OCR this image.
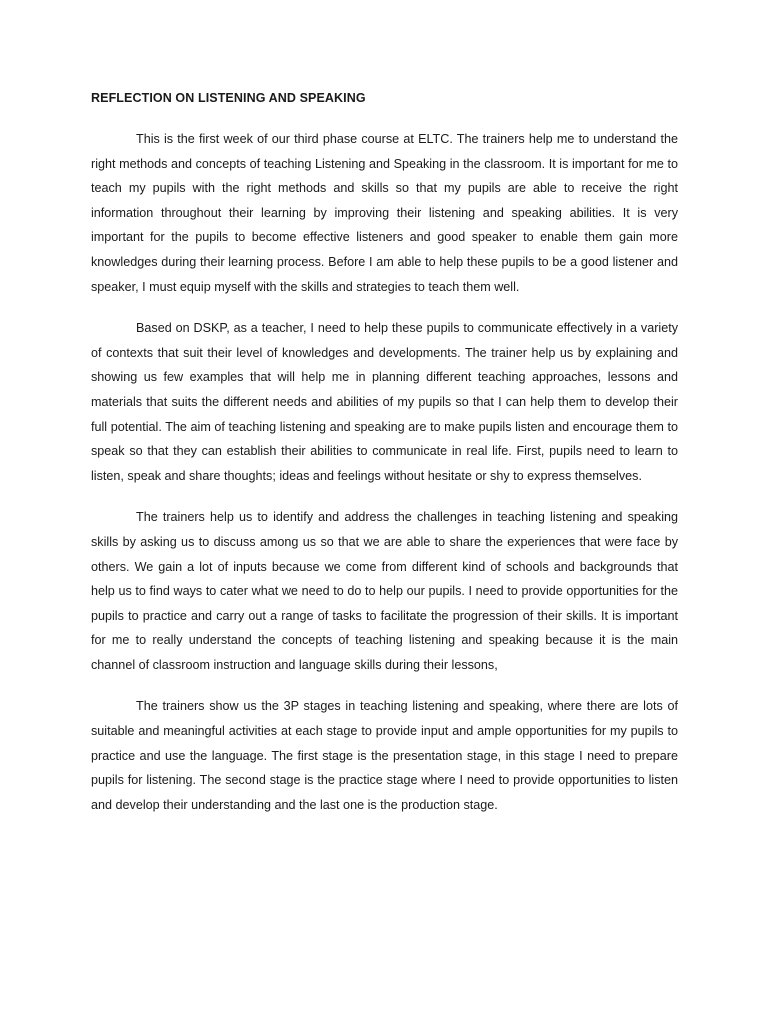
REFLECTION ON LISTENING AND SPEAKING

This is the first week of our third phase course at ELTC. The trainers help me to understand the right methods and concepts of teaching Listening and Speaking in the classroom. It is important for me to teach my pupils with the right methods and skills so that my pupils are able to receive the right information throughout their learning by improving their listening and speaking abilities. It is very important for the pupils to become effective listeners and good speaker to enable them gain more knowledges during their learning process. Before I am able to help these pupils to be a good listener and speaker, I must equip myself with the skills and strategies to teach them well.

Based on DSKP, as a teacher, I need to help these pupils to communicate effectively in a variety of contexts that suit their level of knowledges and developments. The trainer help us by explaining and showing us few examples that will help me in planning different teaching approaches, lessons and materials that suits the different needs and abilities of my pupils so that I can help them to develop their full potential. The aim of teaching listening and speaking are to make pupils listen and encourage them to speak so that they can establish their abilities to communicate in real life. First, pupils need to learn to listen, speak and share thoughts; ideas and feelings without hesitate or shy to express themselves.

The trainers help us to identify and address the challenges in teaching listening and speaking skills by asking us to discuss among us so that we are able to share the experiences that were face by others. We gain a lot of inputs because we come from different kind of schools and backgrounds that help us to find ways to cater what we need to do to help our pupils. I need to provide opportunities for the pupils to practice and carry out a range of tasks to facilitate the progression of their skills. It is important for me to really understand the concepts of teaching listening and speaking because it is the main channel of classroom instruction and language skills during their lessons,

The trainers show us the 3P stages in teaching listening and speaking, where there are lots of suitable and meaningful activities at each stage to provide input and ample opportunities for my pupils to practice and use the language. The first stage is the presentation stage, in this stage I need to prepare pupils for listening. The second stage is the practice stage where I need to provide opportunities to listen and develop their understanding and the last one is the production stage.
